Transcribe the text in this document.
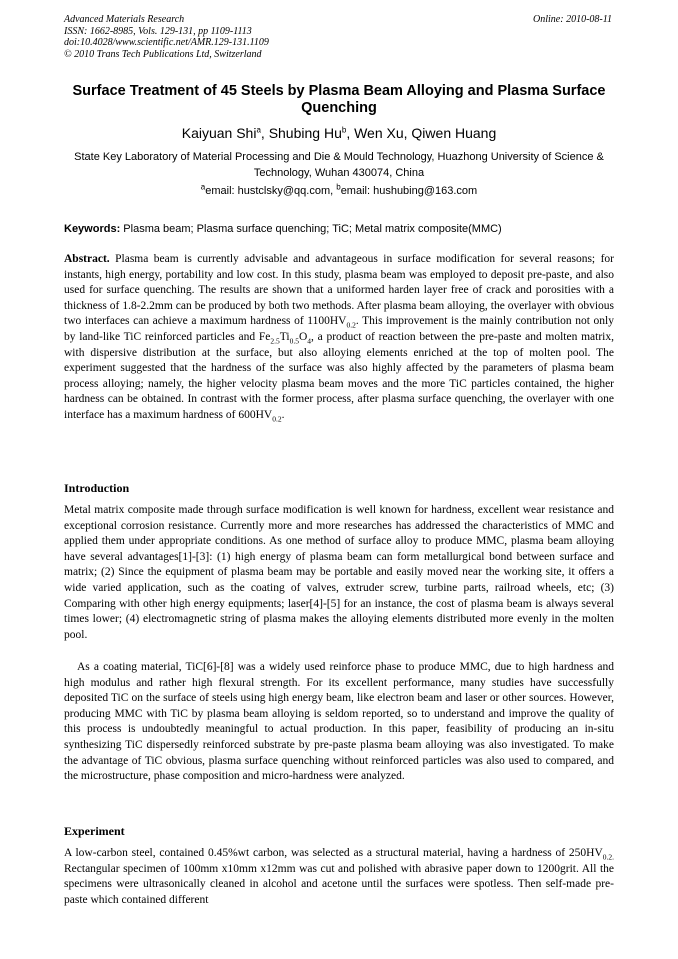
Advanced Materials Research
ISSN: 1662-8985, Vols. 129-131, pp 1109-1113
doi:10.4028/www.scientific.net/AMR.129-131.1109
© 2010 Trans Tech Publications Ltd, Switzerland
Online: 2010-08-11
Surface Treatment of 45 Steels by Plasma Beam Alloying and Plasma Surface Quenching
Kaiyuan Shi$^a$, Shubing Hu$^b$, Wen Xu, Qiwen Huang
State Key Laboratory of Material Processing and Die & Mould Technology, Huazhong University of Science & Technology, Wuhan 430074, China
$^a$email: hustclsky@qq.com, $^b$email: hushubing@163.com
Keywords: Plasma beam; Plasma surface quenching; TiC; Metal matrix composite(MMC)

Abstract. Plasma beam is currently advisable and advantageous in surface modification for several reasons; for instants, high energy, portability and low cost. In this study, plasma beam was employed to deposit pre-paste, and also used for surface quenching. The results are shown that a uniformed harden layer free of crack and porosities with a thickness of 1.8-2.2mm can be produced by both two methods. After plasma beam alloying, the overlayer with obvious two interfaces can achieve a maximum hardness of $1100HV_{0.2}$. This improvement is the mainly contribution not only by land-like TiC reinforced particles and $Fe_{2.5}Ti_{0.5}O_4$, a product of reaction between the pre-paste and molten matrix, with dispersive distribution at the surface, but also alloying elements enriched at the top of molten pool. The experiment suggested that the hardness of the surface was also highly affected by the parameters of plasma beam process alloying; namely, the higher velocity plasma beam moves and the more TiC particles contained, the higher hardness can be obtained. In contrast with the former process, after plasma surface quenching, the overlayer with one interface has a maximum hardness of $600HV_{0.2}$.

Introduction

Metal matrix composite made through surface modification is well known for hardness, excellent wear resistance and exceptional corrosion resistance. Currently more and more researches has addressed the characteristics of MMC and applied them under appropriate conditions. As one method of surface alloy to produce MMC, plasma beam alloying have several advantages[1]-[3]: (1) high energy of plasma beam can form metallurgical bond between surface and matrix; (2) Since the equipment of plasma beam may be portable and easily moved near the working site, it offers a wide varied application, such as the coating of valves, extruder screw, turbine parts, railroad wheels, etc; (3) Comparing with other high energy equipments; laser[4]-[5] for an instance, the cost of plasma beam is always several times lower; (4) electromagnetic string of plasma makes the alloying elements distributed more evenly in the molten pool.

As a coating material, TiC[6]-[8] was a widely used reinforce phase to produce MMC, due to high hardness and high modulus and rather high flexural strength. For its excellent performance, many studies have successfully deposited TiC on the surface of steels using high energy beam, like electron beam and laser or other sources. However, producing MMC with TiC by plasma beam alloying is seldom reported, so to understand and improve the quality of this process is undoubtedly meaningful to actual production. In this paper, feasibility of producing an in-situ synthesizing TiC dispersedly reinforced substrate by pre-paste plasma beam alloying was also investigated. To make the advantage of TiC obvious, plasma surface quenching without reinforced particles was also used to compared, and the microstructure, phase composition and micro-hardness were analyzed.

Experiment

A low-carbon steel, contained 0.45%wt carbon, was selected as a structural material, having a hardness of $250HV_{0.2.}$ Rectangular specimen of 100mm x10mm x12mm was cut and polished with abrasive paper down to 1200grit. All the specimens were ultrasonically cleaned in alcohol and acetone until the surfaces were spotless. Then self-made pre-paste which contained different
